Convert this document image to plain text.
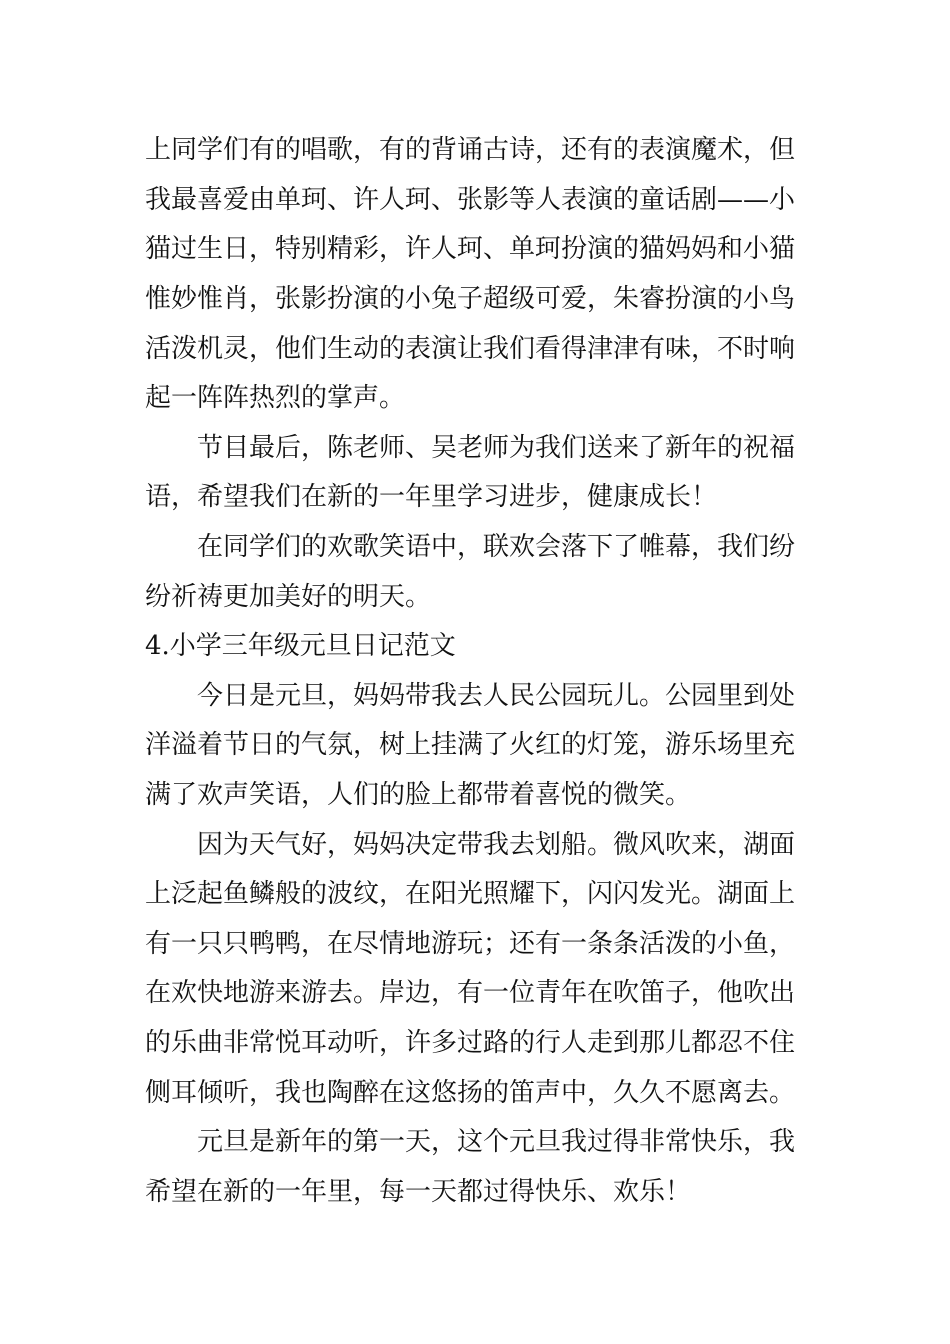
上同学们有的唱歌，有的背诵古诗，还有的表演魔术，但
我最喜爱由单珂、许人珂、张影等人表演的童话剧——小
猫过生日，特别精彩，许人珂、单珂扮演的猫妈妈和小猫
惟妙惟肖，张影扮演的小兔子超级可爱，朱睿扮演的小鸟
活泼机灵，他们生动的表演让我们看得津津有味，不时响
起一阵阵热烈的掌声。
节目最后，陈老师、吴老师为我们送来了新年的祝福
语，希望我们在新的一年里学习进步，健康成长！
在同学们的欢歌笑语中，联欢会落下了帷幕，我们纷
纷祈祷更加美好的明天。
4.小学三年级元旦日记范文
今日是元旦，妈妈带我去人民公园玩儿。公园里到处
洋溢着节日的气氛，树上挂满了火红的灯笼，游乐场里充
满了欢声笑语，人们的脸上都带着喜悦的微笑。
因为天气好，妈妈决定带我去划船。微风吹来，湖面
上泛起鱼鳞般的波纹，在阳光照耀下，闪闪发光。湖面上
有一只只鸭鸭，在尽情地游玩；还有一条条活泼的小鱼，
在欢快地游来游去。岸边，有一位青年在吹笛子，他吹出
的乐曲非常悦耳动听，许多过路的行人走到那儿都忍不住
侧耳倾听，我也陶醉在这悠扬的笛声中，久久不愿离去。
元旦是新年的第一天，这个元旦我过得非常快乐，我
希望在新的一年里，每一天都过得快乐、欢乐！
